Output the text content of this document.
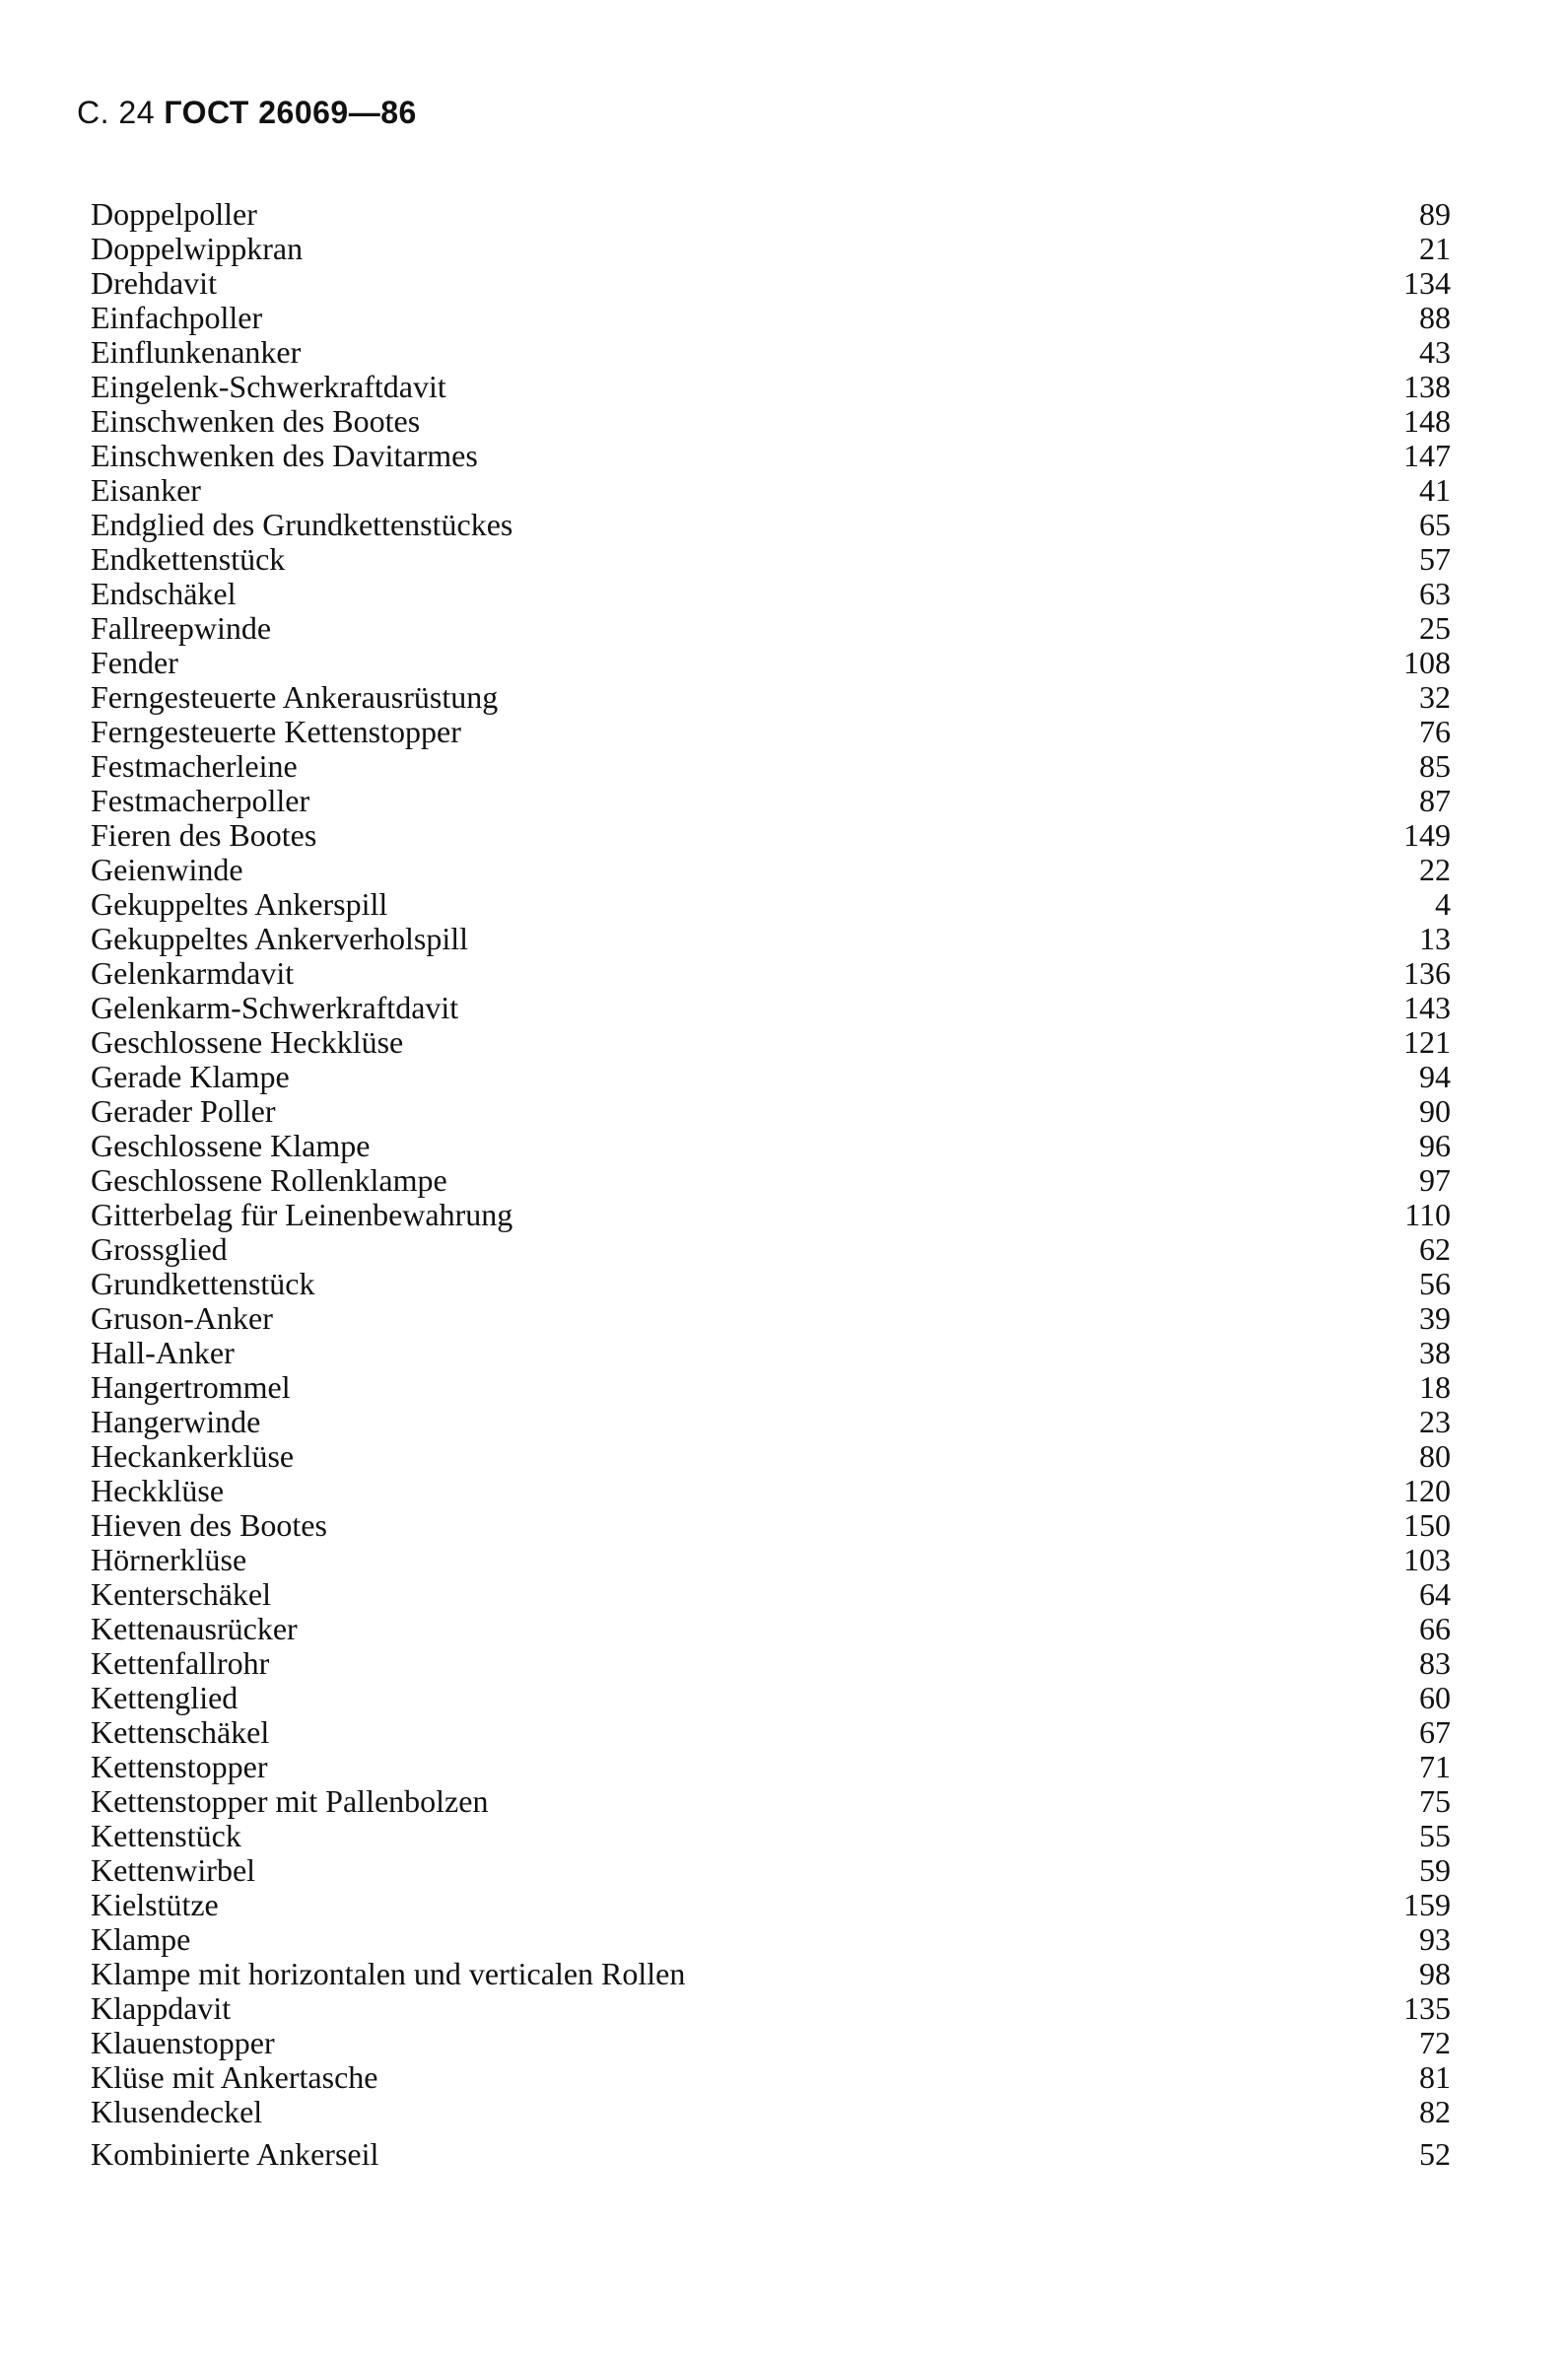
С. 24 ГОСТ 26069—86
Doppelpoller	89
Doppelwippkran	21
Drehdavit	134
Einfachpoller	88
Einflunkenanker	43
Eingelenk-Schwerkraftdavit	138
Einschwenken des Bootes	148
Einschwenken des Davitarmes	147
Eisanker	41
Endglied des Grundkettenstückes	65
Endkettenstück	57
Endschäkel	63
Fallreepwinde	25
Fender	108
Ferngesteuerte Ankerausrüstung	32
Ferngesteuerte Kettenstopper	76
Festmacherleine	85
Festmacherpoller	87
Fieren des Bootes	149
Geienwinde	22
Gekuppeltes Ankerspill	4
Gekuppeltes Ankerverholspill	13
Gelenkarmdavit	136
Gelenkarm-Schwerkraftdavit	143
Geschlossene Heckklüse	121
Gerade Klampe	94
Gerader Poller	90
Geschlossene Klampe	96
Geschlossene Rollenklampe	97
Gitterbelag für Leinenbewahrung	110
Grossglied	62
Grundkettenstück	56
Gruson-Anker	39
Hall-Anker	38
Hangertrommel	18
Hangerwinde	23
Heckankerklüse	80
Heckklüse	120
Hieven des Bootes	150
Hörnerklüse	103
Kenterschäkel	64
Kettenausrücker	66
Kettenfallrohr	83
Kettenglied	60
Kettenschäkel	67
Kettenstopper	71
Kettenstopper mit Pallenbolzen	75
Kettenstück	55
Kettenwirbel	59
Kielstütze	159
Klampe	93
Klampe mit horizontalen und verticalen Rollen	98
Klappdavit	135
Klauenstopper	72
Klüse mit Ankertasche	81
Klusendeckel	82
Kombinierte Ankerseil	52
